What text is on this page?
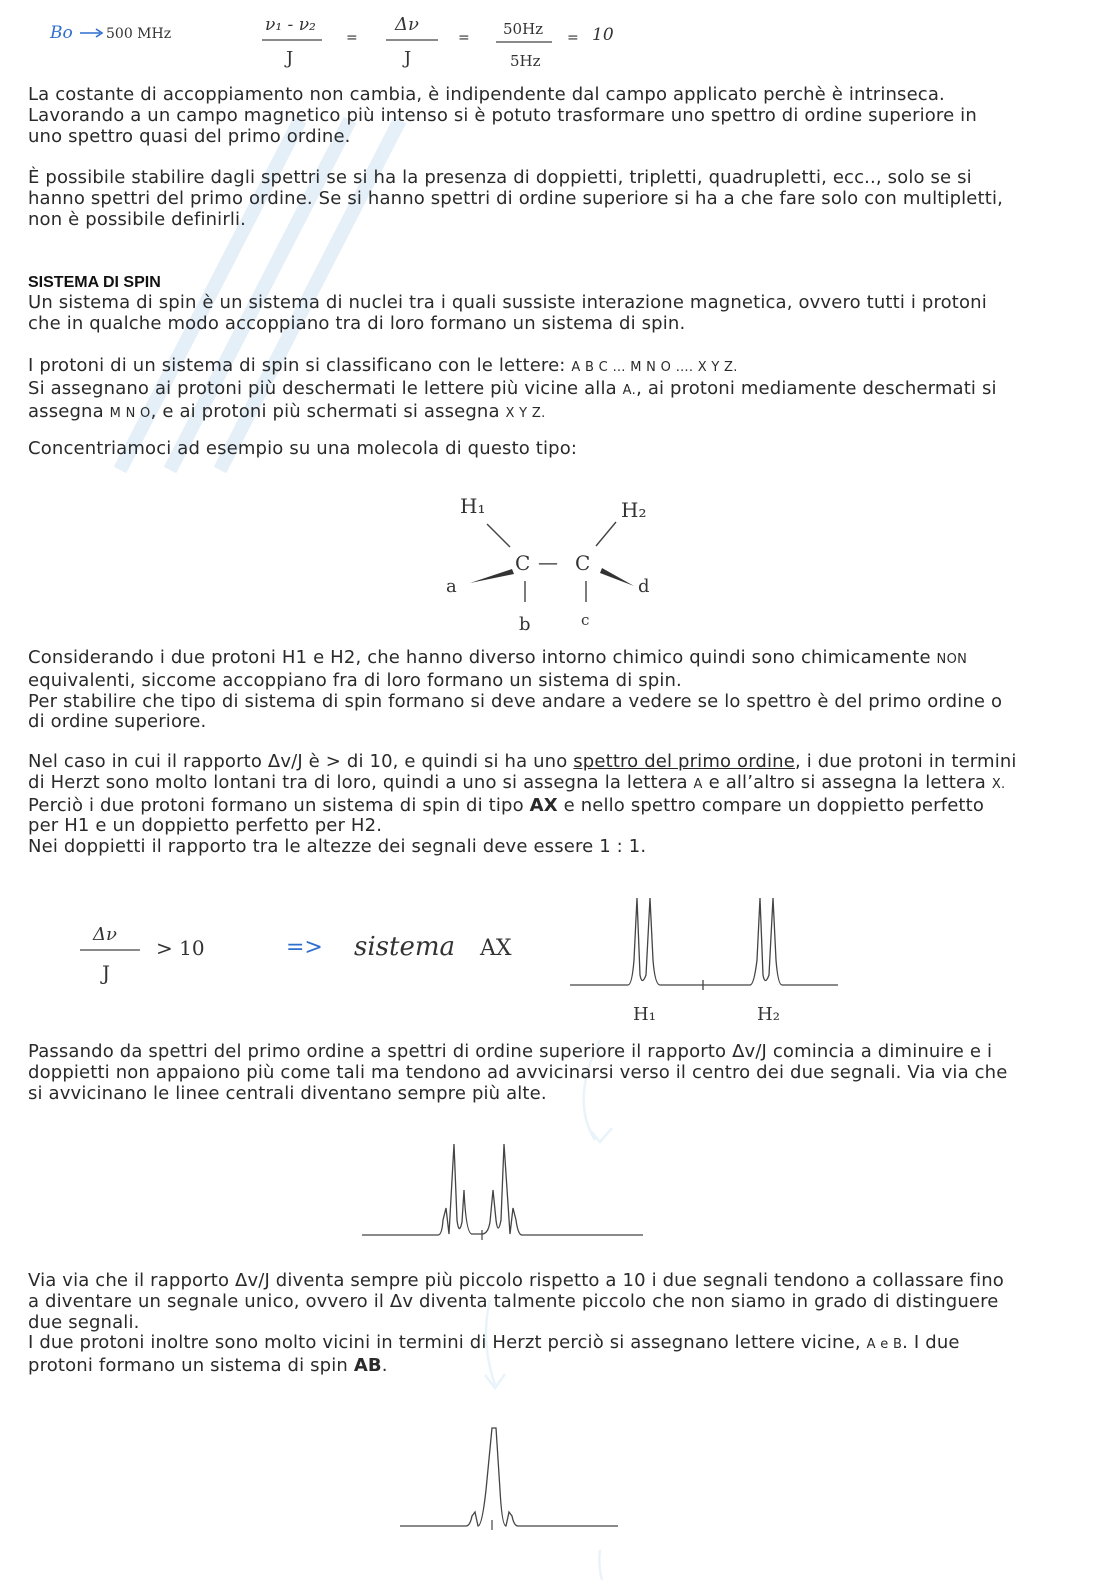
Bo 500 MHz	ν₁ - ν₂
J
=
Δν
J
= 50Hz
5Hz
= 10

La costante di accoppiamento non cambia, è indipendente dal campo applicato perchè è intrinseca.
Lavorando a un campo magnetico più intenso si è potuto trasformare uno spettro di ordine superiore in
uno spettro quasi del primo ordine.

È possibile stabilire dagli spettri se si ha la presenza di doppietti, tripletti, quadrupletti, ecc.., solo se si
hanno spettri del primo ordine. Se si hanno spettri di ordine superiore si ha a che fare solo con multipletti,
non è possibile definirli.

SISTEMA DI SPIN

Un sistema di spin è un sistema di nuclei tra i quali sussiste interazione magnetica, ovvero tutti i protoni
che in qualche modo accoppiano tra di loro formano un sistema di spin.

I protoni di un sistema di spin si classificano con le lettere: A B C … M N O …. X Y Z.
Si assegnano ai protoni più deschermati le lettere più vicine alla A., ai protoni mediamente deschermati si
assegna M N O, e ai protoni più schermati si assegna X Y Z.

Concentriamoci ad esempio su una molecola di questo tipo:

H₁	H₂
C — C
a	d
b	c

Considerando i due protoni H1 e H2, che hanno diverso intorno chimico quindi sono chimicamente NON
equivalenti, siccome accoppiano fra di loro formano un sistema di spin.
Per stabilire che tipo di sistema di spin formano si deve andare a vedere se lo spettro è del primo ordine o
di ordine superiore.

Nel caso in cui il rapporto Δv/J è > di 10, e quindi si ha uno spettro del primo ordine, i due protoni in termini
di Herzt sono molto lontani tra di loro, quindi a uno si assegna la lettera A e all’altro si assegna la lettera X.
Perciò i due protoni formano un sistema di spin di tipo AX e nello spettro compare un doppietto perfetto
per H1 e un doppietto perfetto per H2.
Nei doppietti il rapporto tra le altezze dei segnali deve essere 1 : 1.

Δν
J
> 10	=> sistema AX
H₁	H₂

Passando da spettri del primo ordine a spettri di ordine superiore il rapporto Δv/J comincia a diminuire e i
doppietti non appaiono più come tali ma tendono ad avvicinarsi verso il centro dei due segnali. Via via che
si avvicinano le linee centrali diventano sempre più alte.

Via via che il rapporto Δv/J diventa sempre più piccolo rispetto a 10 i due segnali tendono a collassare fino
a diventare un segnale unico, ovvero il Δv diventa talmente piccolo che non siamo in grado di distinguere
due segnali.
I due protoni inoltre sono molto vicini in termini di Herzt perciò si assegnano lettere vicine, A e B. I due
protoni formano un sistema di spin AB.
